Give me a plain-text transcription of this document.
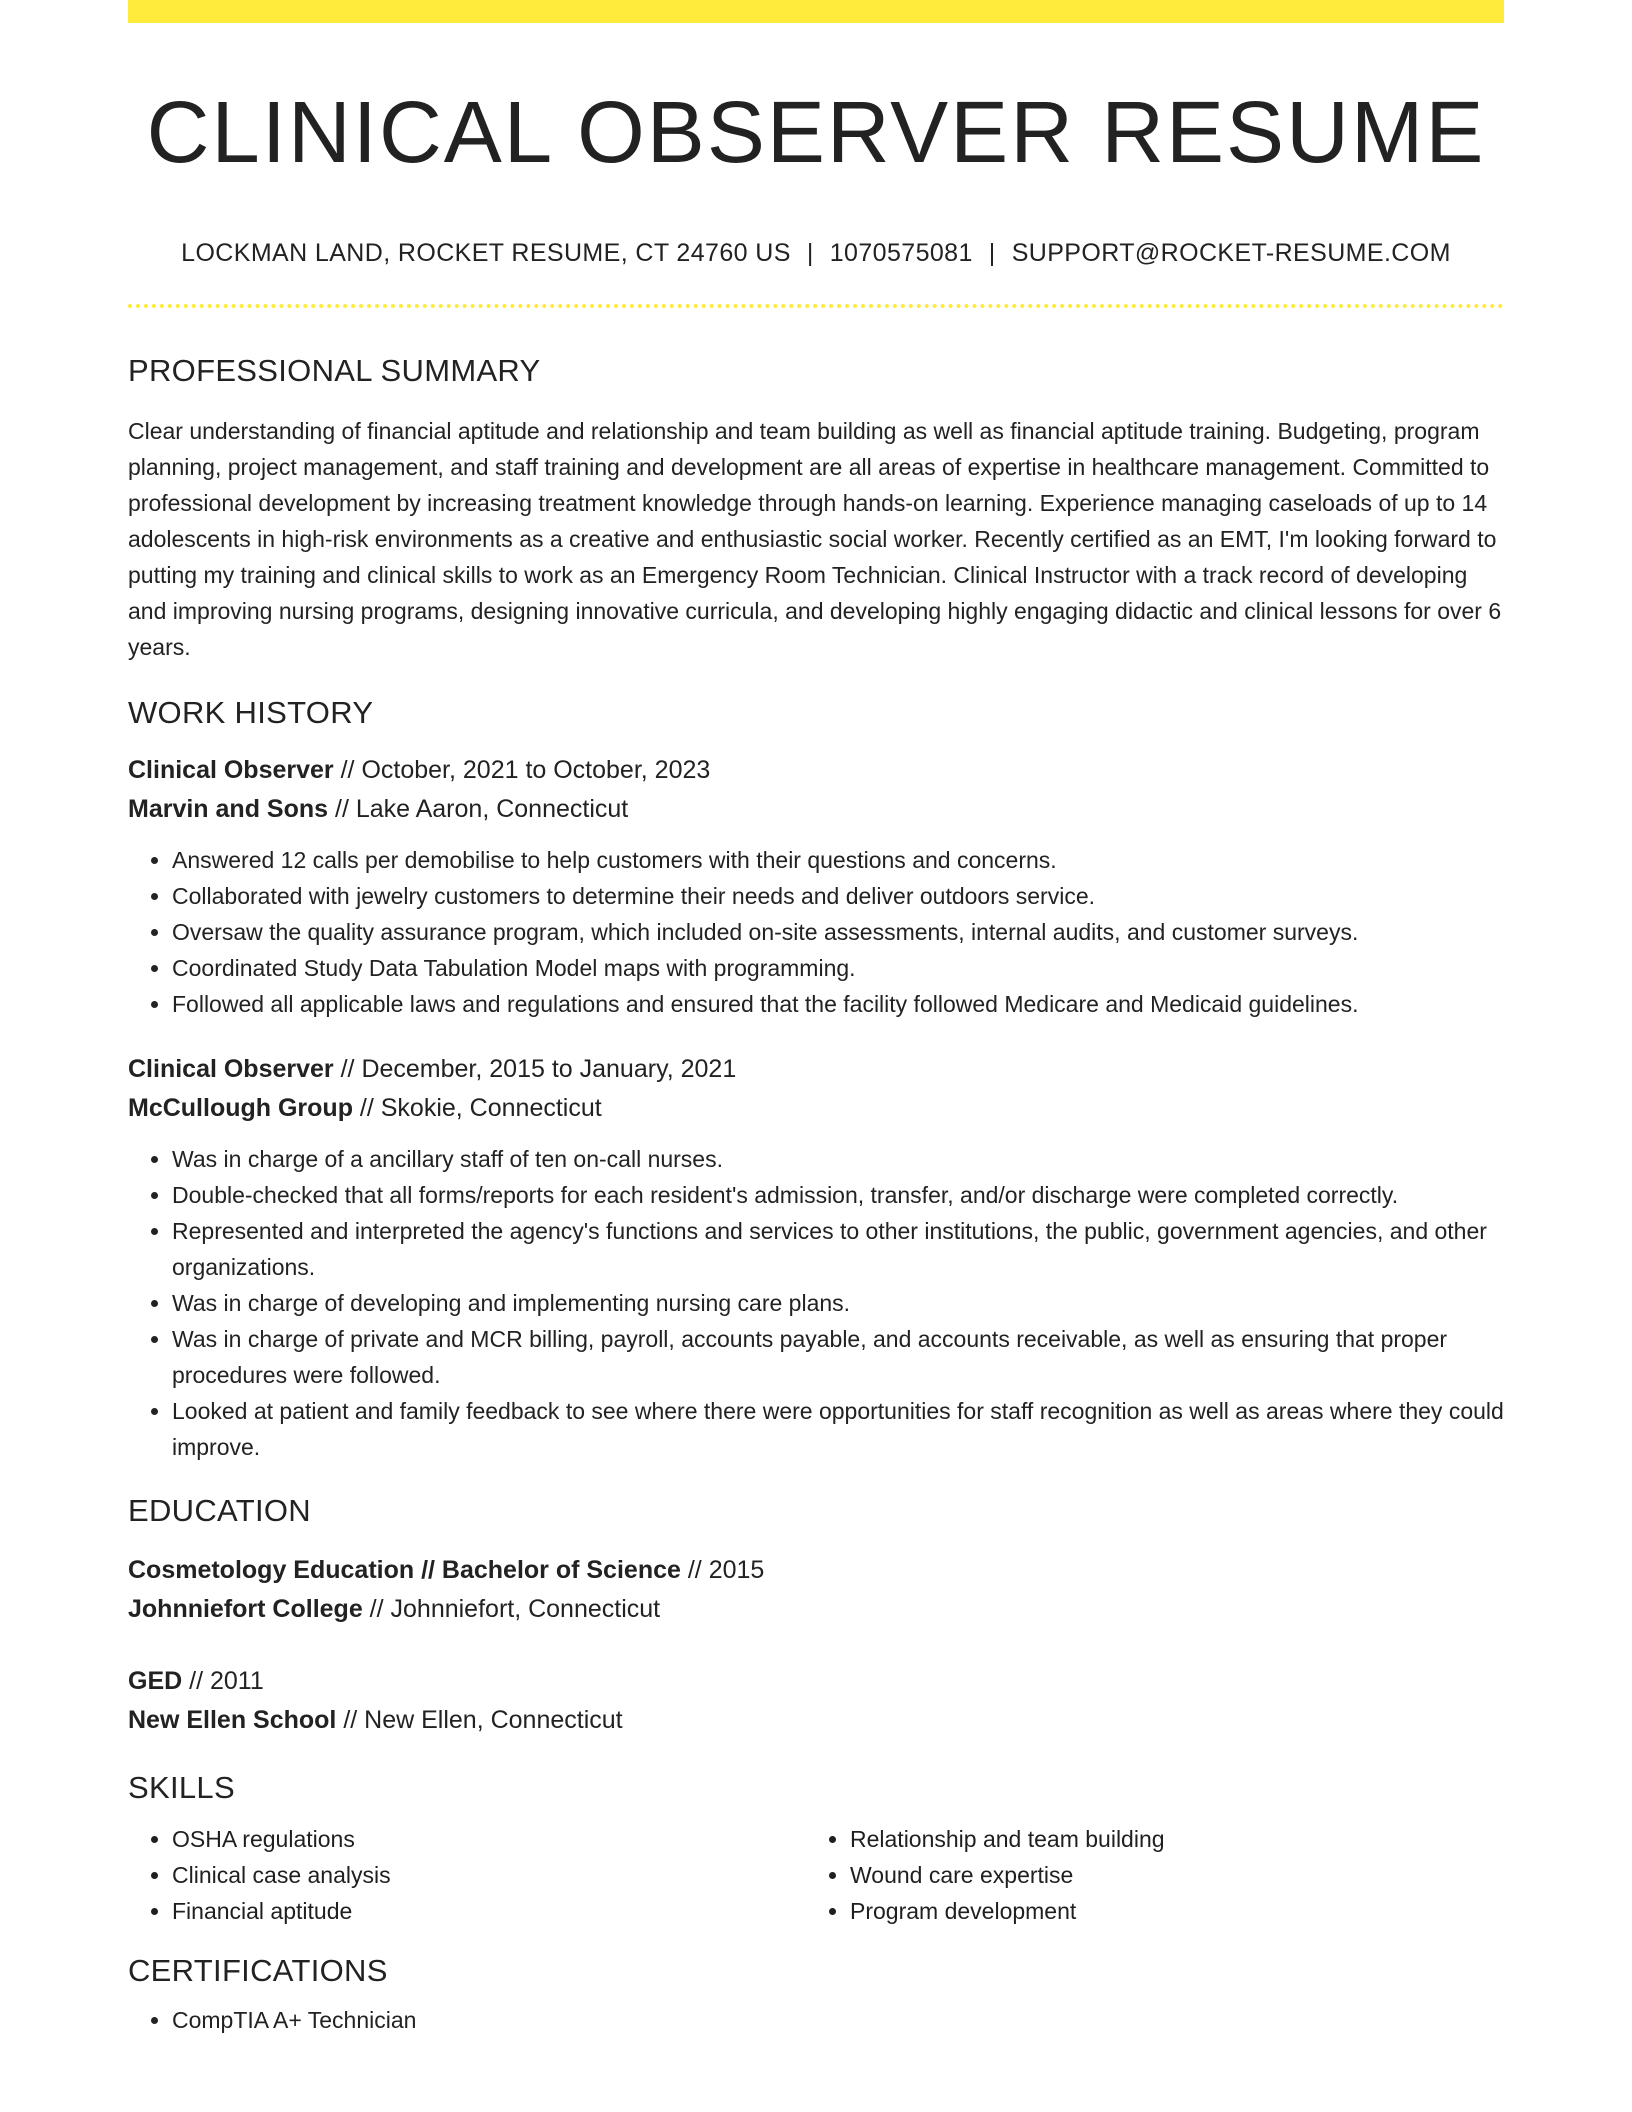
CLINICAL OBSERVER RESUME
LOCKMAN LAND, ROCKET RESUME, CT 24760 US | 1070575081 | SUPPORT@ROCKET-RESUME.COM
PROFESSIONAL SUMMARY

Clear understanding of financial aptitude and relationship and team building as well as financial aptitude training. Budgeting, program planning, project management, and staff training and development are all areas of expertise in healthcare management. Committed to professional development by increasing treatment knowledge through hands-on learning. Experience managing caseloads of up to 14 adolescents in high-risk environments as a creative and enthusiastic social worker. Recently certified as an EMT, I'm looking forward to putting my training and clinical skills to work as an Emergency Room Technician. Clinical Instructor with a track record of developing and improving nursing programs, designing innovative curricula, and developing highly engaging didactic and clinical lessons for over 6 years.

WORK HISTORY
Clinical Observer // October, 2021 to October, 2023
Marvin and Sons // Lake Aaron, Connecticut
• Answered 12 calls per demobilise to help customers with their questions and concerns.
• Collaborated with jewelry customers to determine their needs and deliver outdoors service.
• Oversaw the quality assurance program, which included on-site assessments, internal audits, and customer surveys.
• Coordinated Study Data Tabulation Model maps with programming.
• Followed all applicable laws and regulations and ensured that the facility followed Medicare and Medicaid guidelines.
Clinical Observer // December, 2015 to January, 2021
McCullough Group // Skokie, Connecticut
• Was in charge of a ancillary staff of ten on-call nurses.
• Double-checked that all forms/reports for each resident's admission, transfer, and/or discharge were completed correctly.
• Represented and interpreted the agency's functions and services to other institutions, the public, government agencies, and other organizations.
• Was in charge of developing and implementing nursing care plans.
• Was in charge of private and MCR billing, payroll, accounts payable, and accounts receivable, as well as ensuring that proper procedures were followed.
• Looked at patient and family feedback to see where there were opportunities for staff recognition as well as areas where they could improve.
EDUCATION
Cosmetology Education // Bachelor of Science // 2015
Johnniefort College // Johnniefort, Connecticut
GED // 2011
New Ellen School // New Ellen, Connecticut
SKILLS
• OSHA regulations
• Clinical case analysis
• Financial aptitude
• Relationship and team building
• Wound care expertise
• Program development
CERTIFICATIONS
• CompTIA A+ Technician
